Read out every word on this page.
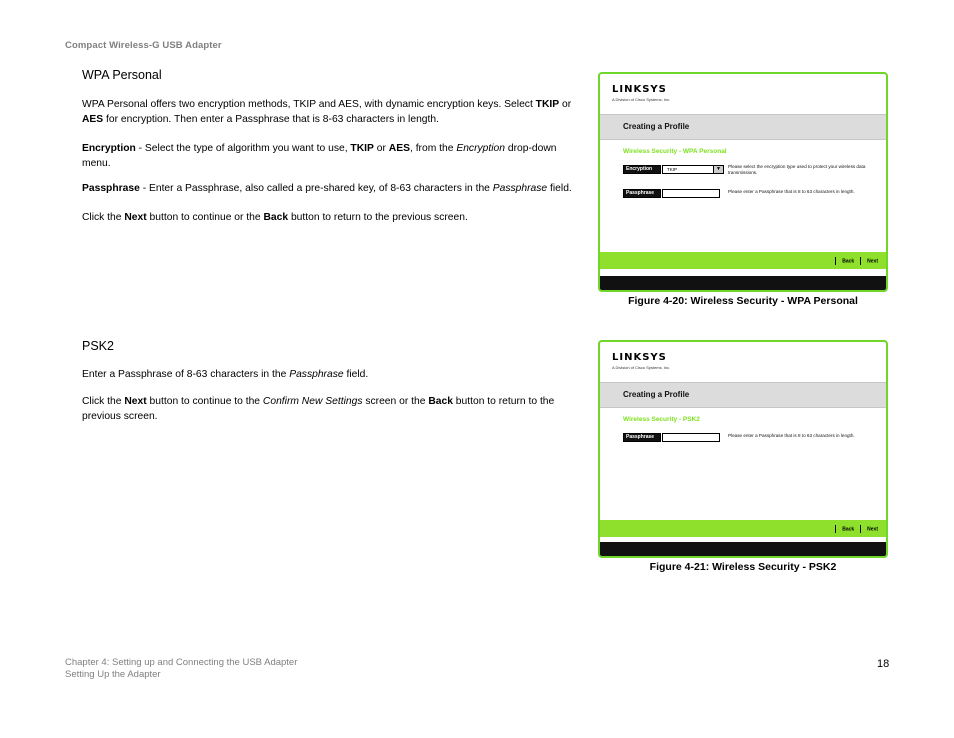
Compact Wireless-G USB Adapter
WPA Personal
WPA Personal offers two encryption methods, TKIP and AES, with dynamic encryption keys. Select TKIP or AES for encryption. Then enter a Passphrase that is 8-63 characters in length.
Encryption - Select the type of algorithm you want to use, TKIP or AES, from the Encryption drop-down menu.
Passphrase - Enter a Passphrase, also called a pre-shared key, of 8-63 characters in the Passphrase field.
Click the Next button to continue or the Back button to return to the previous screen.
LINKSYS
A Division of Cisco Systems, Inc.
Creating a Profile
Wireless Security - WPA Personal
Encryption	TKIP	▼	Please select the encryption type used to protect your wireless data transmissions.
Passphrase	Please enter a Passphrase that is 8 to 63 characters in length.
Back	Next
Figure 4-20: Wireless Security - WPA Personal
PSK2
Enter a Passphrase of 8-63 characters in the Passphrase field.
Click the Next button to continue to the Confirm New Settings screen or the Back button to return to the previous screen.
LINKSYS
A Division of Cisco Systems, Inc.
Creating a Profile
Wireless Security - PSK2
Passphrase	Please enter a Passphrase that is 8 to 63 characters in length.
Back	Next
Figure 4-21: Wireless Security - PSK2
Chapter 4: Setting up and Connecting the USB Adapter
Setting Up the Adapter
18
